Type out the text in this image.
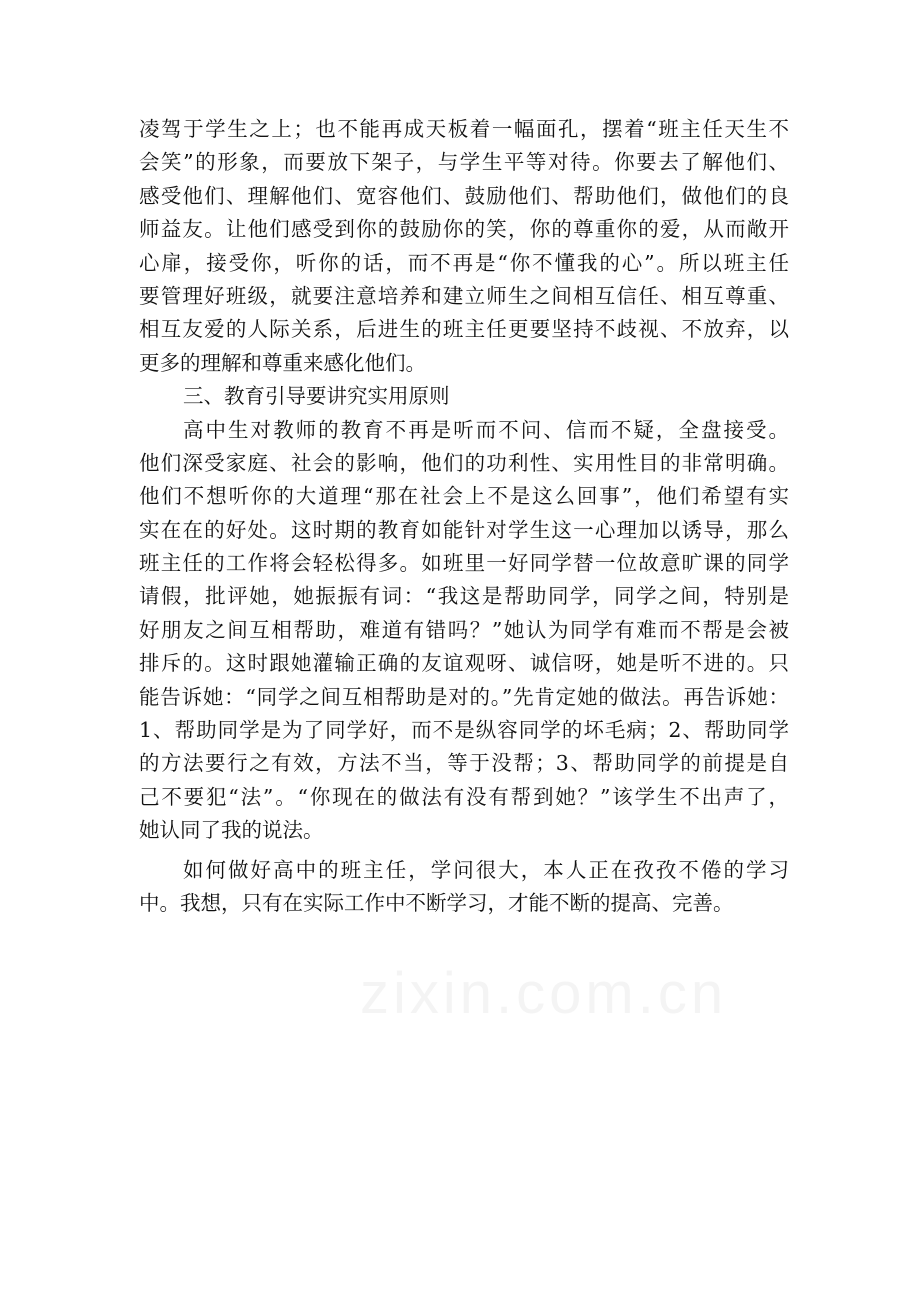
凌驾于学生之上；也不能再成天板着一幅面孔，摆着“班主任天生不
会笑”的形象，而要放下架子，与学生平等对待。你要去了解他们、
感受他们、理解他们、宽容他们、鼓励他们、帮助他们，做他们的良
师益友。让他们感受到你的鼓励你的笑，你的尊重你的爱，从而敞开
心扉，接受你，听你的话，而不再是“你不懂我的心”。所以班主任
要管理好班级，就要注意培养和建立师生之间相互信任、相互尊重、
相互友爱的人际关系，后进生的班主任更要坚持不歧视、不放弃，以
更多的理解和尊重来感化他们。
三、教育引导要讲究实用原则
高中生对教师的教育不再是听而不问、信而不疑，全盘接受。
他们深受家庭、社会的影响，他们的功利性、实用性目的非常明确。
他们不想听你的大道理“那在社会上不是这么回事”，他们希望有实
实在在的好处。这时期的教育如能针对学生这一心理加以诱导，那么
班主任的工作将会轻松得多。如班里一好同学替一位故意旷课的同学
请假，批评她，她振振有词：“我这是帮助同学，同学之间，特别是
好朋友之间互相帮助，难道有错吗？”她认为同学有难而不帮是会被
排斥的。这时跟她灌输正确的友谊观呀、诚信呀，她是听不进的。只
能告诉她：“同学之间互相帮助是对的。”先肯定她的做法。再告诉她：
1、帮助同学是为了同学好，而不是纵容同学的坏毛病；2、帮助同学
的方法要行之有效，方法不当，等于没帮；3、帮助同学的前提是自
己不要犯“法”。“你现在的做法有没有帮到她？”该学生不出声了，
她认同了我的说法。
如何做好高中的班主任，学问很大，本人正在孜孜不倦的学习
中。我想，只有在实际工作中不断学习，才能不断的提高、完善。
zixin.com.cn
